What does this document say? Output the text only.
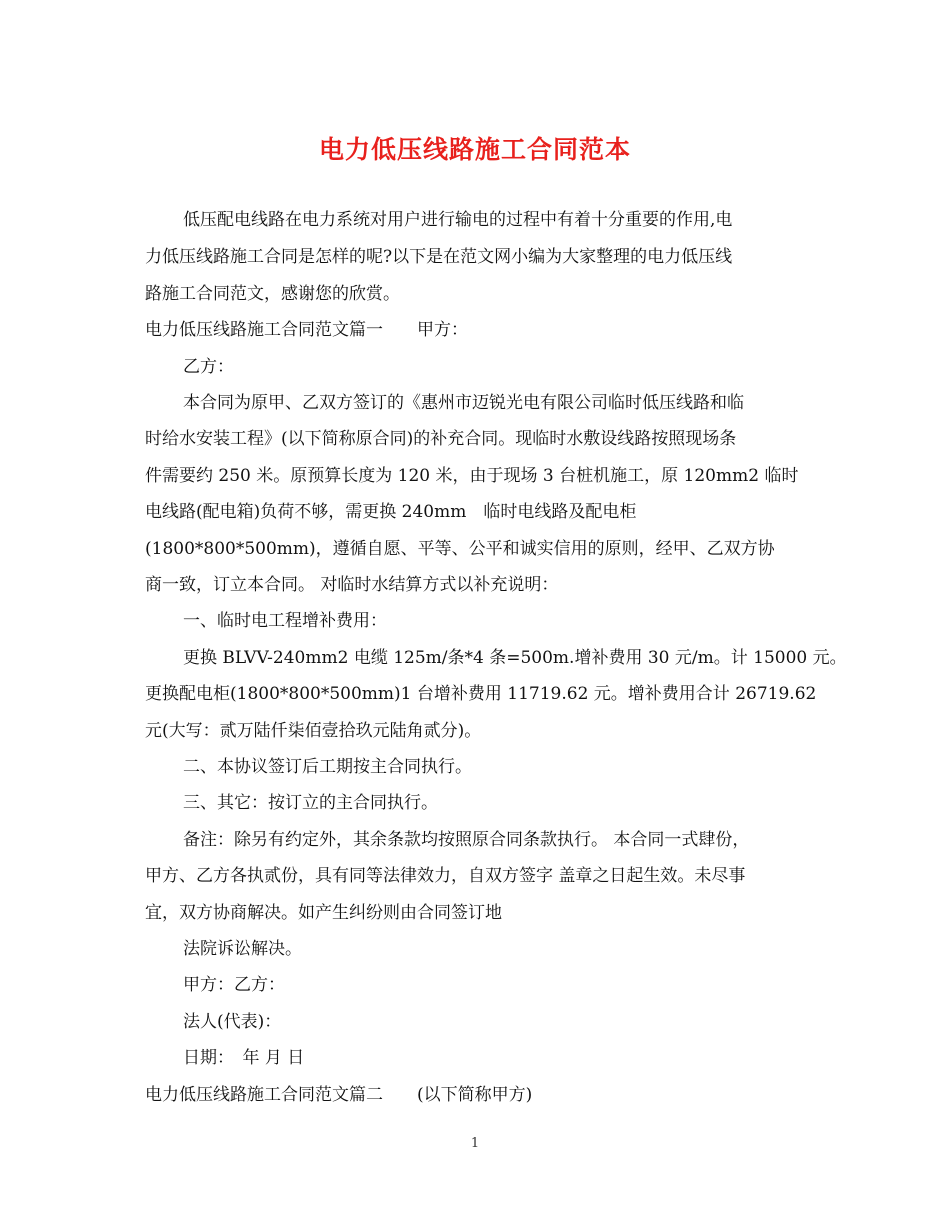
电力低压线路施工合同范本
低压配电线路在电力系统对用户进行输电的过程中有着十分重要的作用,电
力低压线路施工合同是怎样的呢?以下是在范文网小编为大家整理的电力低压线
路施工合同范文，感谢您的欣赏。
电力低压线路施工合同范文篇一　　甲方：
乙方：
本合同为原甲、乙双方签订的《惠州市迈锐光电有限公司临时低压线路和临
时给水安装工程》(以下简称原合同)的补充合同。现临时水敷设线路按照现场条
件需要约 250 米。原预算长度为 120 米，由于现场 3 台桩机施工，原 120mm2 临时
电线路(配电箱)负荷不够，需更换 240mm　临时电线路及配电柜
(1800*800*500mm)，遵循自愿、平等、公平和诚实信用的原则，经甲、乙双方协
商一致，订立本合同。 对临时水结算方式以补充说明：
一、临时电工程增补费用：
更换 BLVV-240mm2 电缆 125m/条*4 条=500m.增补费用 30 元/m。计 15000 元。
更换配电柜(1800*800*500mm)1 台增补费用 11719.62 元。增补费用合计 26719.62
元(大写：贰万陆仟柒佰壹拾玖元陆角贰分)。
二、本协议签订后工期按主合同执行。
三、其它：按订立的主合同执行。
备注：除另有约定外，其余条款均按照原合同条款执行。 本合同一式肆份，
甲方、乙方各执贰份，具有同等法律效力，自双方签字 盖章之日起生效。未尽事
宜，双方协商解决。如产生纠纷则由合同签订地
法院诉讼解决。
甲方：乙方：
法人(代表)：
日期：　年 月 日
电力低压线路施工合同范文篇二　　(以下简称甲方)
1
